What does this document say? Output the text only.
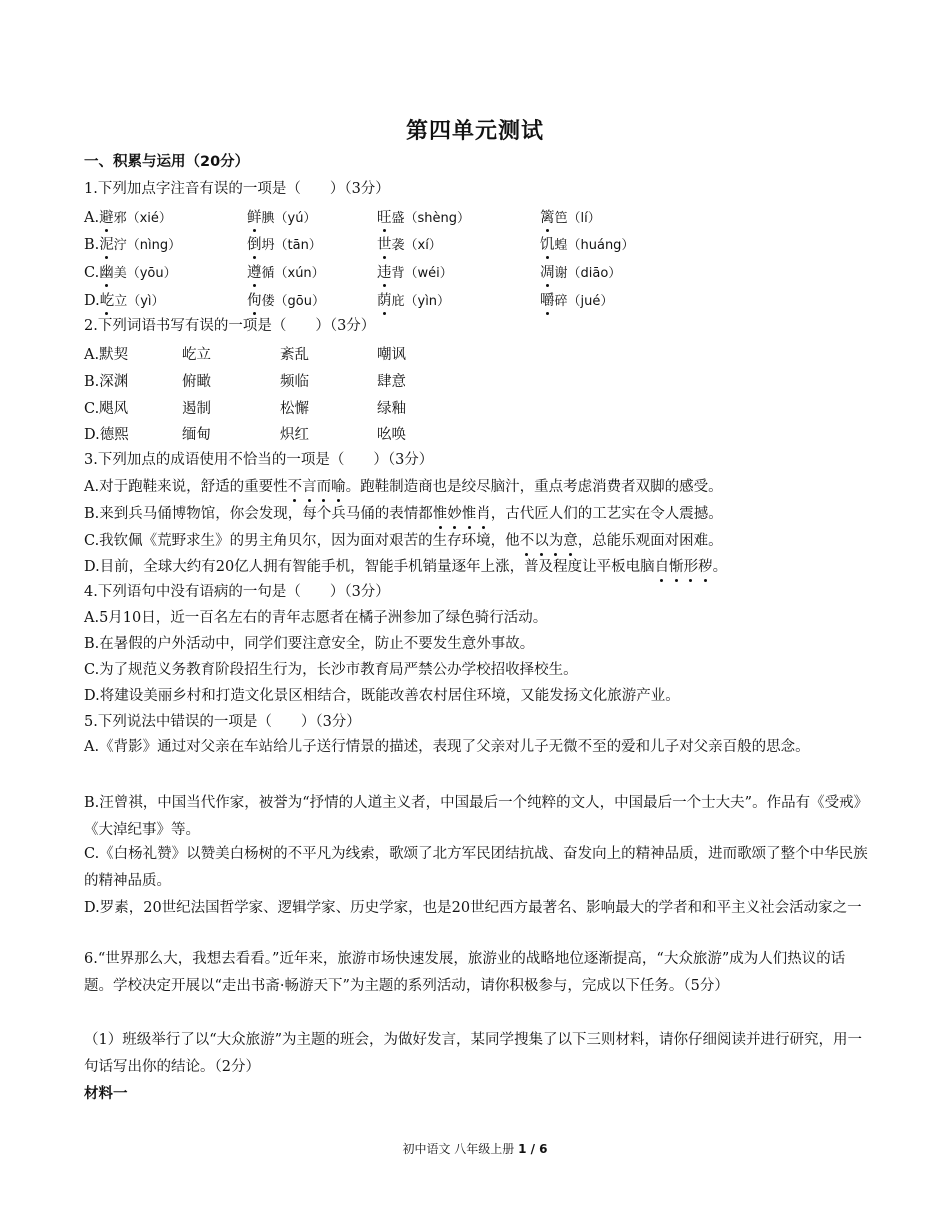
第四单元测试
一、积累与运用（20分）
1.下列加点字注音有误的一项是（　　）（3分）
A.避邪（xié）	鲜腆（yú）	旺盛（shèng）	篱笆（lí）
B.泥泞（nìng）	倒坍（tān）	世袭（xí）	饥蝗（huáng）
C.幽美（yōu）	遵循（xún）	违背（wéi）	凋谢（diāo）
D.屹立（yì）	佝偻（gōu）	荫庇（yìn）	嚼碎（jué）
2.下列词语书写有误的一项是（　　）（3分）
A.默契	屹立	紊乱	嘲讽
B.深渊	俯瞰	频临	肆意
C.飓风	遏制	松懈	绿釉
D.德熙	缅甸	炽红	吆唤
3.下列加点的成语使用不恰当的一项是（　　）（3分）
A.对于跑鞋来说，舒适的重要性不言而喻。跑鞋制造商也是绞尽脑汁，重点考虑消费者双脚的感受。
B.来到兵马俑博物馆，你会发现，每个兵马俑的表情都惟妙惟肖，古代匠人们的工艺实在令人震撼。
C.我钦佩《荒野求生》的男主角贝尔，因为面对艰苦的生存环境，他不以为意，总能乐观面对困难。
D.目前，全球大约有20亿人拥有智能手机，智能手机销量逐年上涨，普及程度让平板电脑自惭形秽。
4.下列语句中没有语病的一句是（　　）（3分）
A.5月10日，近一百名左右的青年志愿者在橘子洲参加了绿色骑行活动。
B.在暑假的户外活动中，同学们要注意安全，防止不要发生意外事故。
C.为了规范义务教育阶段招生行为，长沙市教育局严禁公办学校招收择校生。
D.将建设美丽乡村和打造文化景区相结合，既能改善农村居住环境，又能发扬文化旅游产业。
5.下列说法中错误的一项是（　　）（3分）
A.《背影》通过对父亲在车站给儿子送行情景的描述，表现了父亲对儿子无微不至的爱和儿子对父亲百般的思念。
B.汪曾祺，中国当代作家，被誉为“抒情的人道主义者，中国最后一个纯粹的文人，中国最后一个士大夫”。作品有《受戒》《大淖纪事》等。
C.《白杨礼赞》以赞美白杨树的不平凡为线索，歌颂了北方军民团结抗战、奋发向上的精神品质，进而歌颂了整个中华民族的精神品质。
D.罗素，20世纪法国哲学家、逻辑学家、历史学家，也是20世纪西方最著名、影响最大的学者和和平主义社会活动家之一
6.“世界那么大，我想去看看。”近年来，旅游市场快速发展，旅游业的战略地位逐渐提高，“大众旅游”成为人们热议的话题。学校决定开展以“走出书斋·畅游天下”为主题的系列活动，请你积极参与，完成以下任务。（5分）
（1）班级举行了以“大众旅游”为主题的班会，为做好发言，某同学搜集了以下三则材料，请你仔细阅读并进行研究，用一句话写出你的结论。（2分）
材料一
初中语文 八年级上册 1 / 6
